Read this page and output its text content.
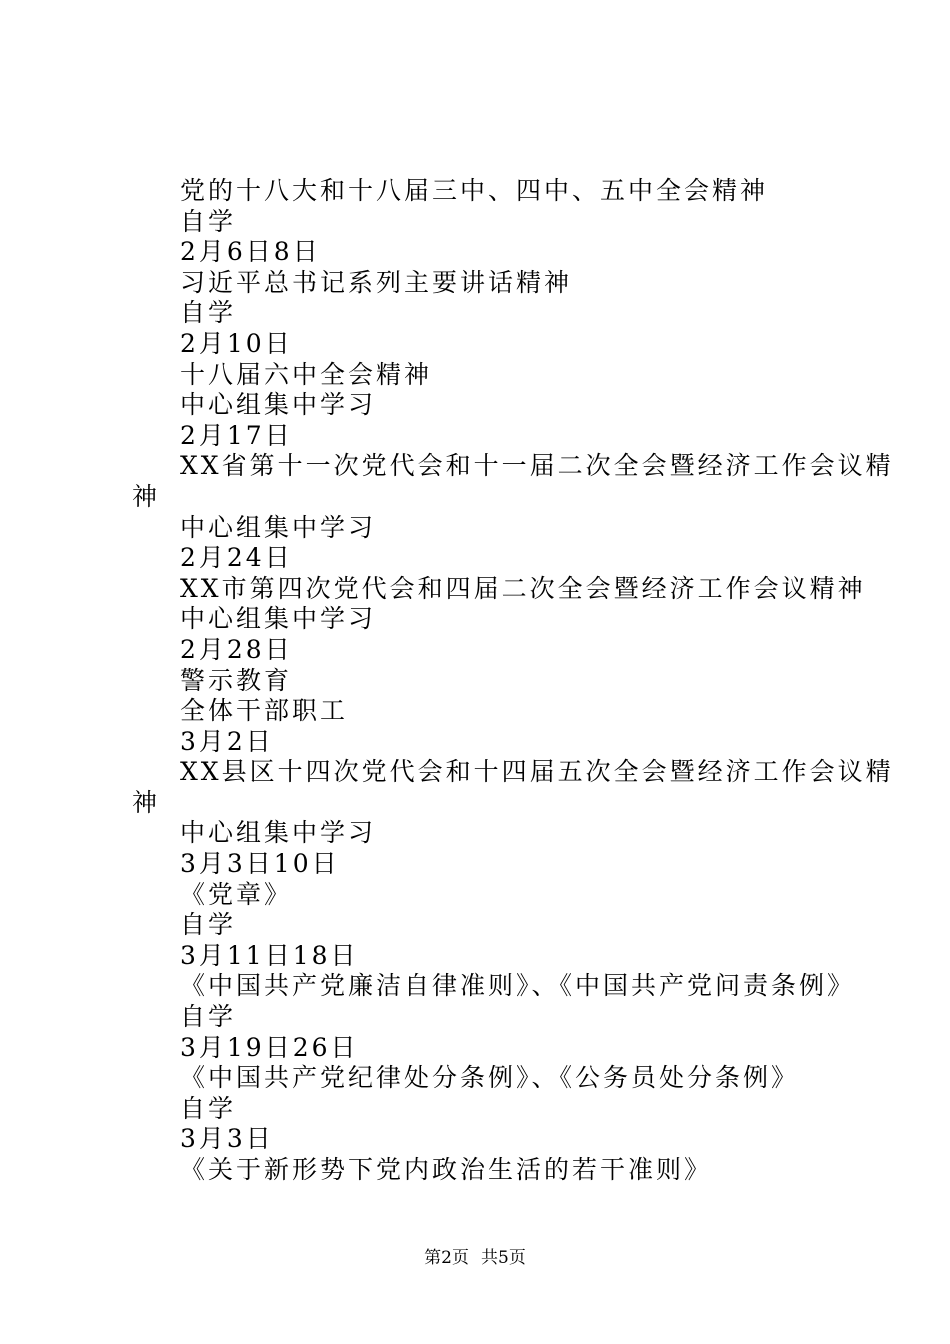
党的十八大和十八届三中、四中、五中全会精神
自学
2月6日8日
习近平总书记系列主要讲话精神
自学
2月10日
十八届六中全会精神
中心组集中学习
2月17日
XX省第十一次党代会和十一届二次全会暨经济工作会议精
神
中心组集中学习
2月24日
XX市第四次党代会和四届二次全会暨经济工作会议精神
中心组集中学习
2月28日
警示教育
全体干部职工
3月2日
XX县区十四次党代会和十四届五次全会暨经济工作会议精
神
中心组集中学习
3月3日10日
《党章》
自学
3月11日18日
《中国共产党廉洁自律准则》、《中国共产党问责条例》
自学
3月19日26日
《中国共产党纪律处分条例》、《公务员处分条例》
自学
3月3日
《关于新形势下党内政治生活的若干准则》
第2页 共5页
